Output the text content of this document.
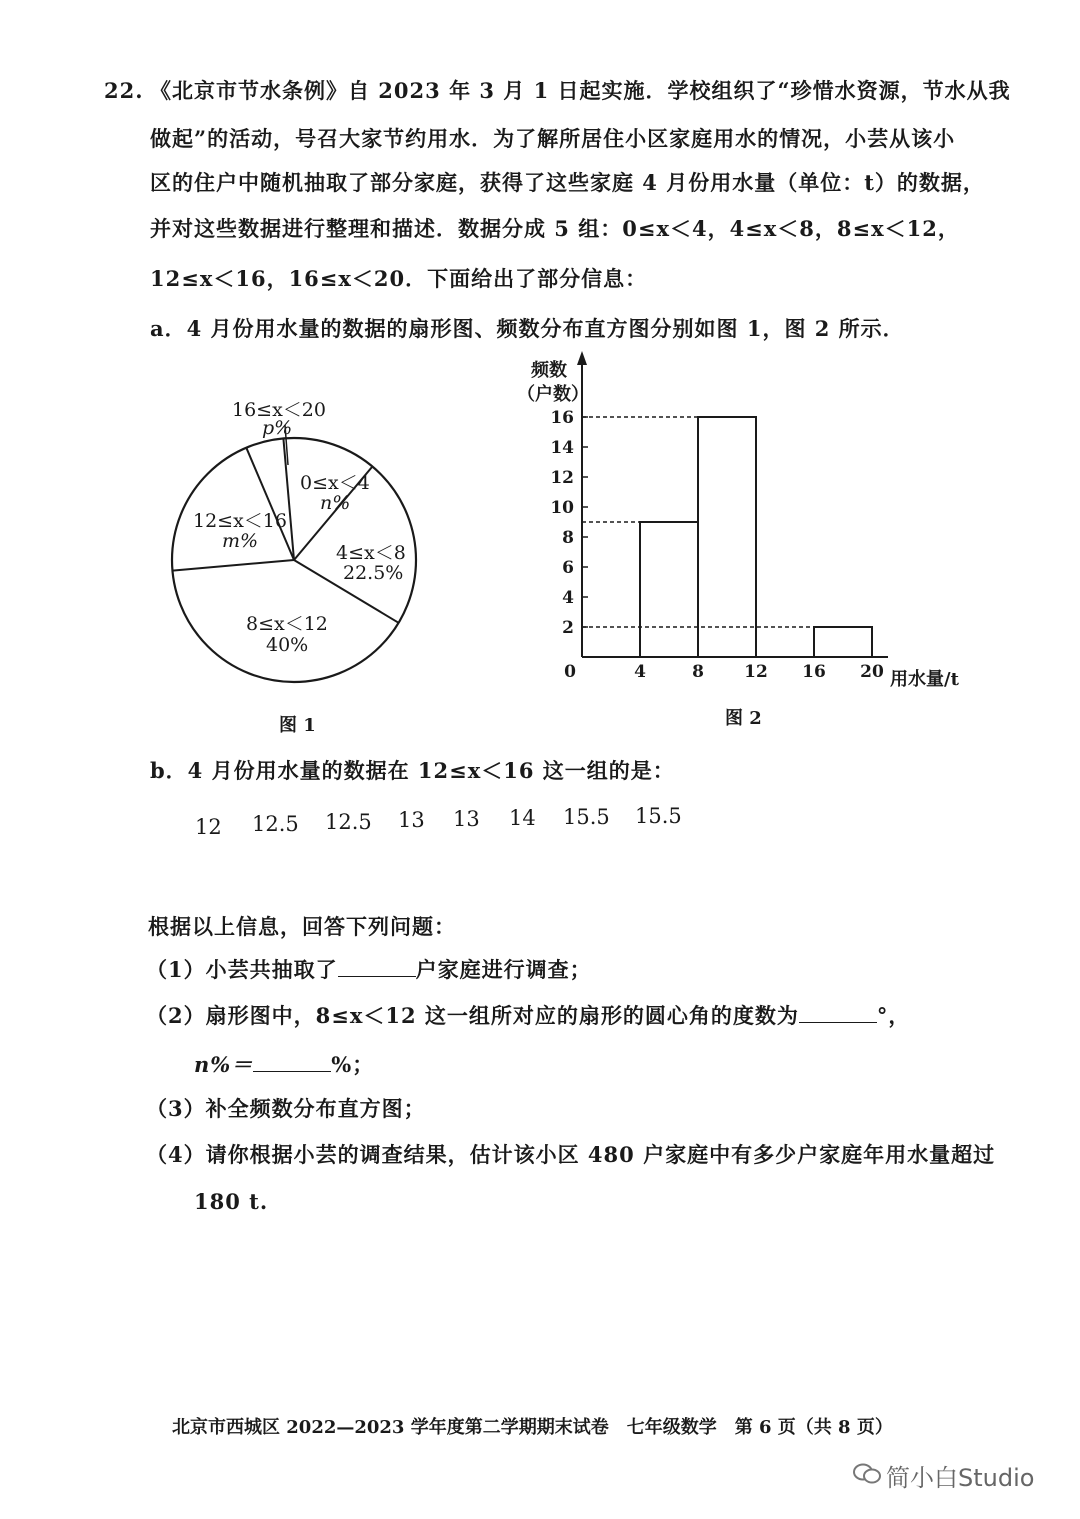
22. 《北京市节水条例》自 2023 年 3 月 1 日起实施．学校组织了“珍惜水资源，节水从我
做起”的活动，号召大家节约用水．为了解所居住小区家庭用水的情况，小芸从该小
区的住户中随机抽取了部分家庭，获得了这些家庭 4 月份用水量（单位：t）的数据，
并对这些数据进行整理和描述．数据分成 5 组：0≤x＜4，4≤x＜8，8≤x＜12，
12≤x＜16，16≤x＜20．下面给出了部分信息：
a．4 月份用水量的数据的扇形图、频数分布直方图分别如图 1，图 2 所示．
16≤x＜20
p%
0≤x＜4
n%
12≤x＜16
m%
4≤x＜8
22.5%
8≤x＜12
40%
图 1
2
4
6
8
10
12
14
16
0	4	8 12 16 20
频数
（户数）
用水量/t
图 2
b．4 月份用水量的数据在 12≤x＜16 这一组的是：
12 12.5 12.5 13 13 14 15.5 15.5
根据以上信息，回答下列问题：
（1）小芸共抽取了	户家庭进行调查；
（2）扇形图中，8≤x＜12 这一组所对应的扇形的圆心角的度数为	°，
n%＝	%；
（3）补全频数分布直方图；
（4）请你根据小芸的调查结果，估计该小区 480 户家庭中有多少户家庭年用水量超过
180 t.
北京市西城区 2022—2023 学年度第二学期期末试卷　七年级数学　第 6 页（共 8 页）
简小白Studio
